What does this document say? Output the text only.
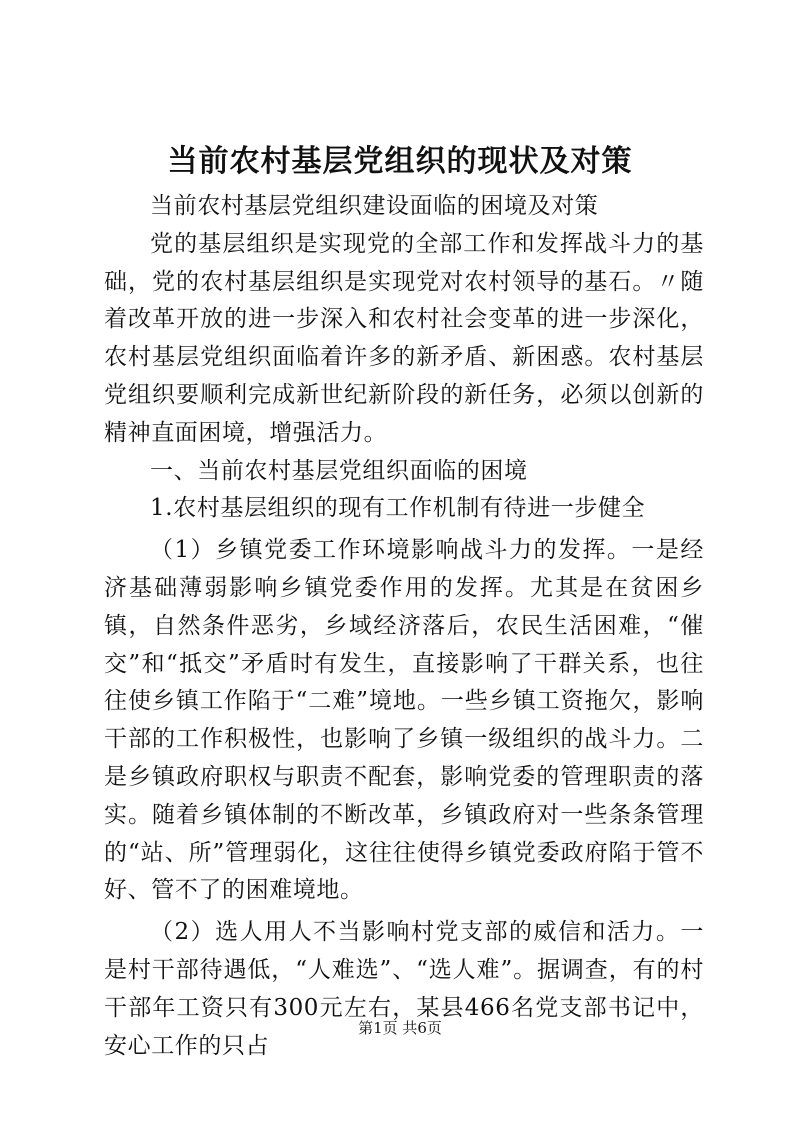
当前农村基层党组织的现状及对策

当前农村基层党组织建设面临的困境及对策

党的基层组织是实现党的全部工作和发挥战斗力的基础，党的农村基层组织是实现党对农村领导的基石。〃随着改革开放的进一步深入和农村社会变革的进一步深化，农村基层党组织面临着许多的新矛盾、新困惑。农村基层党组织要顺利完成新世纪新阶段的新任务，必须以创新的精神直面困境，增强活力。

一、当前农村基层党组织面临的困境

1.农村基层组织的现有工作机制有待进一步健全

（1）乡镇党委工作环境影响战斗力的发挥。一是经济基础薄弱影响乡镇党委作用的发挥。尤其是在贫困乡镇，自然条件恶劣，乡域经济落后，农民生活困难，“催交”和“抵交”矛盾时有发生，直接影响了干群关系，也往往使乡镇工作陷于“二难”境地。一些乡镇工资拖欠，影响干部的工作积极性，也影响了乡镇一级组织的战斗力。二是乡镇政府职权与职责不配套，影响党委的管理职责的落实。随着乡镇体制的不断改革，乡镇政府对一些条条管理的“站、所”管理弱化，这往往使得乡镇党委政府陷于管不好、管不了的困难境地。

（2）选人用人不当影响村党支部的威信和活力。一是村干部待遇低，“人难选”、“选人难”。据调查，有的村干部年工资只有300元左右，某县466名党支部书记中，安心工作的只占

第1页 共6页
